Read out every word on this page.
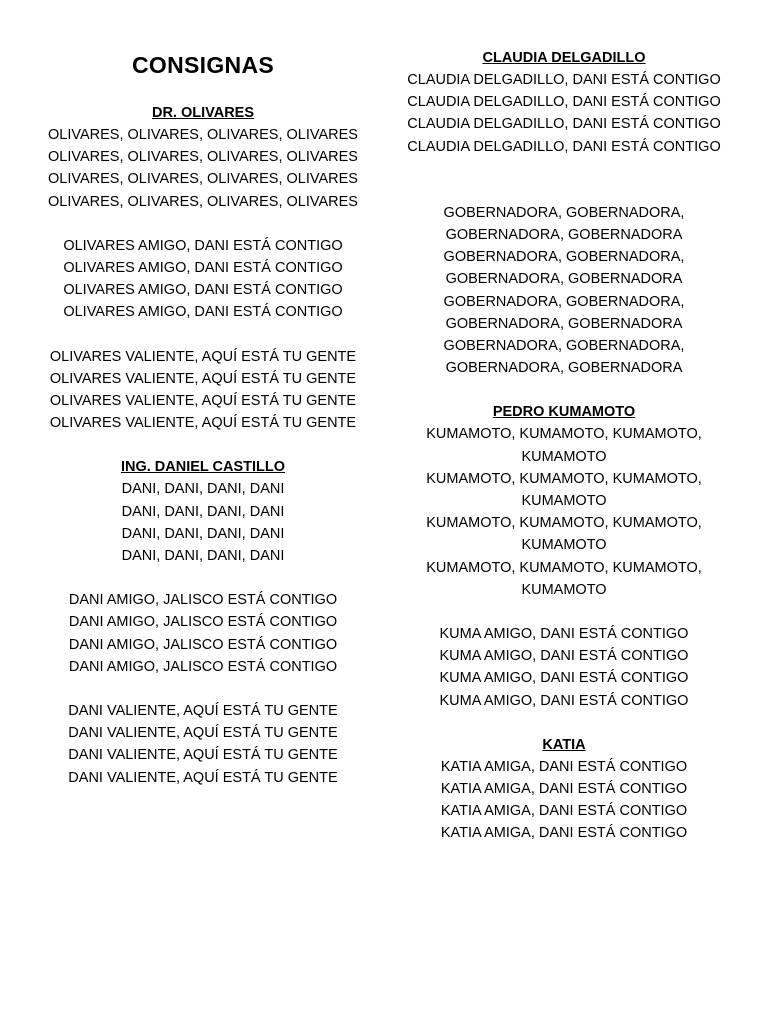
CONSIGNAS
DR. OLIVARES
OLIVARES, OLIVARES, OLIVARES, OLIVARES
OLIVARES, OLIVARES, OLIVARES, OLIVARES
OLIVARES, OLIVARES, OLIVARES, OLIVARES
OLIVARES, OLIVARES, OLIVARES, OLIVARES
OLIVARES AMIGO, DANI ESTÁ CONTIGO
OLIVARES AMIGO, DANI ESTÁ CONTIGO
OLIVARES AMIGO, DANI ESTÁ CONTIGO
OLIVARES AMIGO, DANI ESTÁ CONTIGO
OLIVARES VALIENTE, AQUÍ ESTÁ TU GENTE
OLIVARES VALIENTE, AQUÍ ESTÁ TU GENTE
OLIVARES VALIENTE, AQUÍ ESTÁ TU GENTE
OLIVARES VALIENTE, AQUÍ ESTÁ TU GENTE
ING. DANIEL CASTILLO
DANI, DANI, DANI, DANI
DANI, DANI, DANI, DANI
DANI, DANI, DANI, DANI
DANI, DANI, DANI, DANI
DANI AMIGO, JALISCO ESTÁ CONTIGO
DANI AMIGO, JALISCO ESTÁ CONTIGO
DANI AMIGO, JALISCO ESTÁ CONTIGO
DANI AMIGO, JALISCO ESTÁ CONTIGO
DANI VALIENTE, AQUÍ ESTÁ TU GENTE
DANI VALIENTE, AQUÍ ESTÁ TU GENTE
DANI VALIENTE, AQUÍ ESTÁ TU GENTE
DANI VALIENTE, AQUÍ ESTÁ TU GENTE
CLAUDIA DELGADILLO
CLAUDIA DELGADILLO, DANI ESTÁ CONTIGO
CLAUDIA DELGADILLO, DANI ESTÁ CONTIGO
CLAUDIA DELGADILLO, DANI ESTÁ CONTIGO
CLAUDIA DELGADILLO, DANI ESTÁ CONTIGO
GOBERNADORA, GOBERNADORA,
GOBERNADORA, GOBERNADORA
GOBERNADORA, GOBERNADORA,
GOBERNADORA, GOBERNADORA
GOBERNADORA, GOBERNADORA,
GOBERNADORA, GOBERNADORA
GOBERNADORA, GOBERNADORA,
GOBERNADORA, GOBERNADORA
PEDRO KUMAMOTO
KUMAMOTO, KUMAMOTO, KUMAMOTO, KUMAMOTO
KUMAMOTO, KUMAMOTO, KUMAMOTO, KUMAMOTO
KUMAMOTO, KUMAMOTO, KUMAMOTO, KUMAMOTO
KUMAMOTO, KUMAMOTO, KUMAMOTO, KUMAMOTO
KUMA AMIGO, DANI ESTÁ CONTIGO
KUMA AMIGO, DANI ESTÁ CONTIGO
KUMA AMIGO, DANI ESTÁ CONTIGO
KUMA AMIGO, DANI ESTÁ CONTIGO
KATIA
KATIA AMIGA, DANI ESTÁ CONTIGO
KATIA AMIGA, DANI ESTÁ CONTIGO
KATIA AMIGA, DANI ESTÁ CONTIGO
KATIA AMIGA, DANI ESTÁ CONTIGO
